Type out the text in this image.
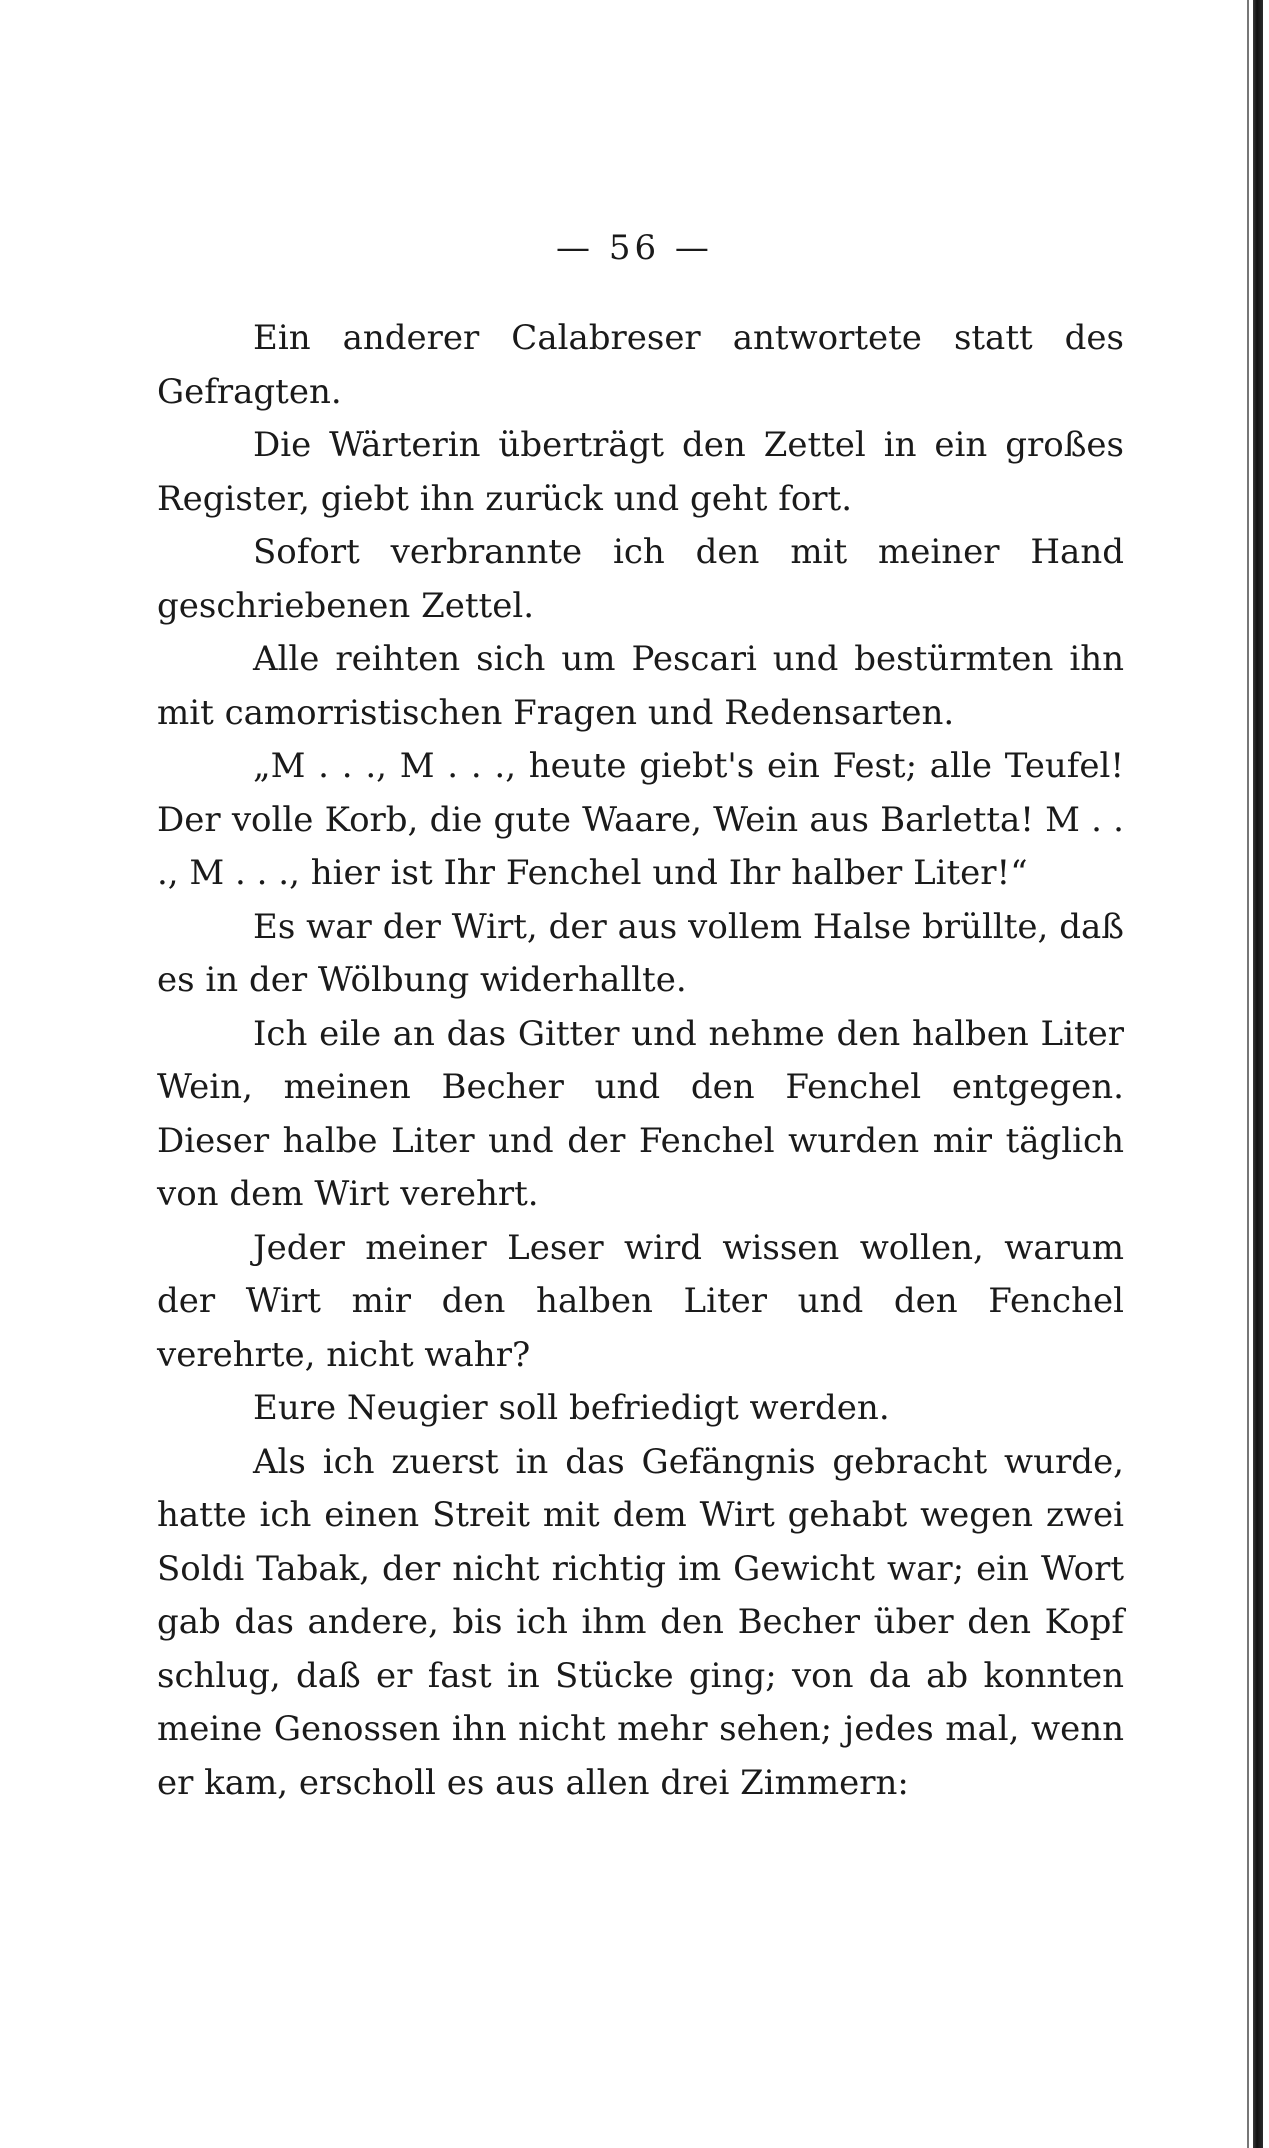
— 56 —

Ein anderer Calabreser antwortete statt des Gefragten.

Die Wärterin überträgt den Zettel in ein großes Register, giebt ihn zurück und geht fort.

Sofort verbrannte ich den mit meiner Hand geschriebenen Zettel.

Alle reihten sich um Pescari und bestürmten ihn mit camorristischen Fragen und Redensarten.

„M . . ., M . . ., heute giebt's ein Fest; alle Teufel! Der volle Korb, die gute Waare, Wein aus Barletta! M . . ., M . . ., hier ist Ihr Fenchel und Ihr halber Liter!“

Es war der Wirt, der aus vollem Halse brüllte, daß es in der Wölbung widerhallte.

Ich eile an das Gitter und nehme den halben Liter Wein, meinen Becher und den Fenchel entgegen. Dieser halbe Liter und der Fenchel wurden mir täglich von dem Wirt verehrt.

Jeder meiner Leser wird wissen wollen, warum der Wirt mir den halben Liter und den Fenchel verehrte, nicht wahr?

Eure Neugier soll befriedigt werden.

Als ich zuerst in das Gefängnis gebracht wurde, hatte ich einen Streit mit dem Wirt gehabt wegen zwei Soldi Tabak, der nicht richtig im Gewicht war; ein Wort gab das andere, bis ich ihm den Becher über den Kopf schlug, daß er fast in Stücke ging; von da ab konnten meine Genossen ihn nicht mehr sehen; jedes mal, wenn er kam, erscholl es aus allen drei Zimmern:
